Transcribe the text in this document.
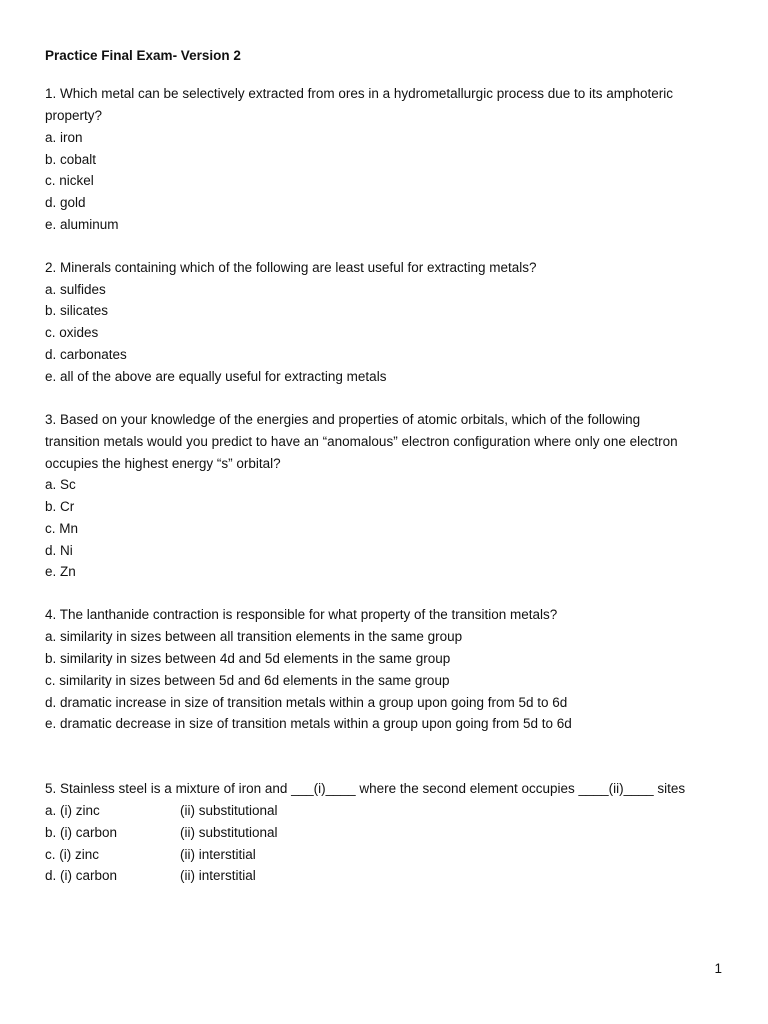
Practice Final Exam- Version 2
1. Which metal can be selectively extracted from ores in a hydrometallurgic process due to its amphoteric
property?
a. iron
b. cobalt
c. nickel
d. gold
e. aluminum
2. Minerals containing which of the following are least useful for extracting metals?
a. sulfides
b. silicates
c. oxides
d. carbonates
e. all of the above are equally useful for extracting metals
3. Based on your knowledge of the energies and properties of atomic orbitals, which of the following
transition metals would you predict to have an “anomalous” electron configuration where only one electron
occupies the highest energy “s” orbital?
a. Sc
b. Cr
c. Mn
d. Ni
e. Zn
4. The lanthanide contraction is responsible for what property of the transition metals?
a. similarity in sizes between all transition elements in the same group
b. similarity in sizes between 4d and 5d elements in the same group
c. similarity in sizes between 5d and 6d elements in the same group
d. dramatic increase in size of transition metals within a group upon going from 5d to 6d
e. dramatic decrease in size of transition metals within a group upon going from 5d to 6d
5. Stainless steel is a mixture of iron and ___(i)____ where the second element occupies ____(ii)____ sites
a. (i) zinc	(ii) substitutional
b. (i) carbon	(ii) substitutional
c. (i) zinc	(ii) interstitial
d. (i) carbon	(ii) interstitial
1
